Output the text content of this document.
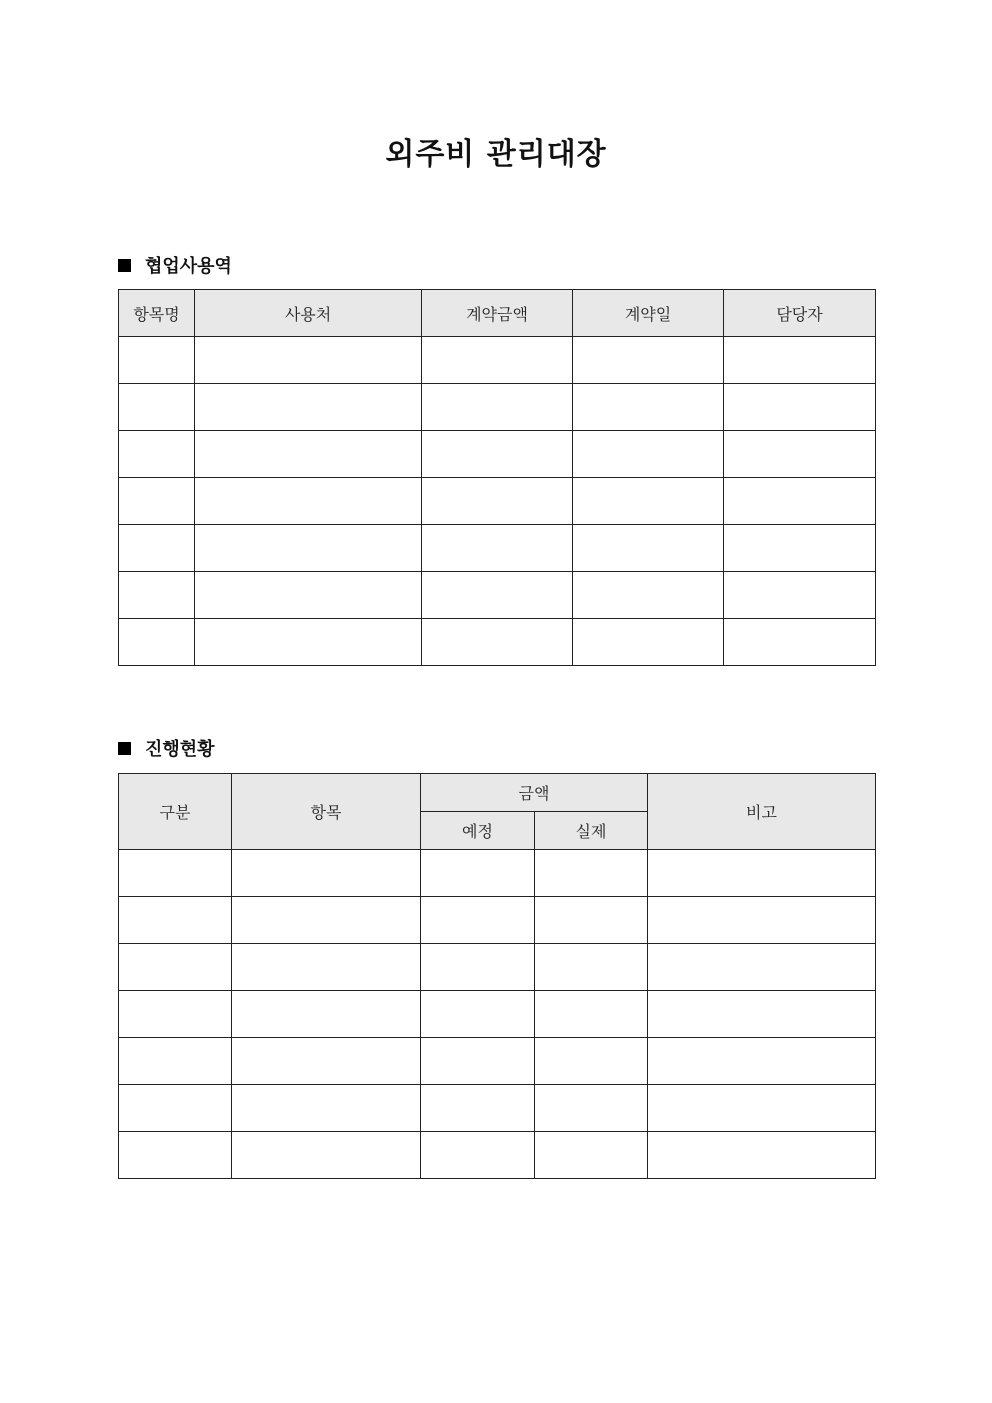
외주비 관리대장
협업사용역
항목명	사용처	계약금액	계약일	담당자

진행현황
구분	항목	금액		비고
		예정	실제	
